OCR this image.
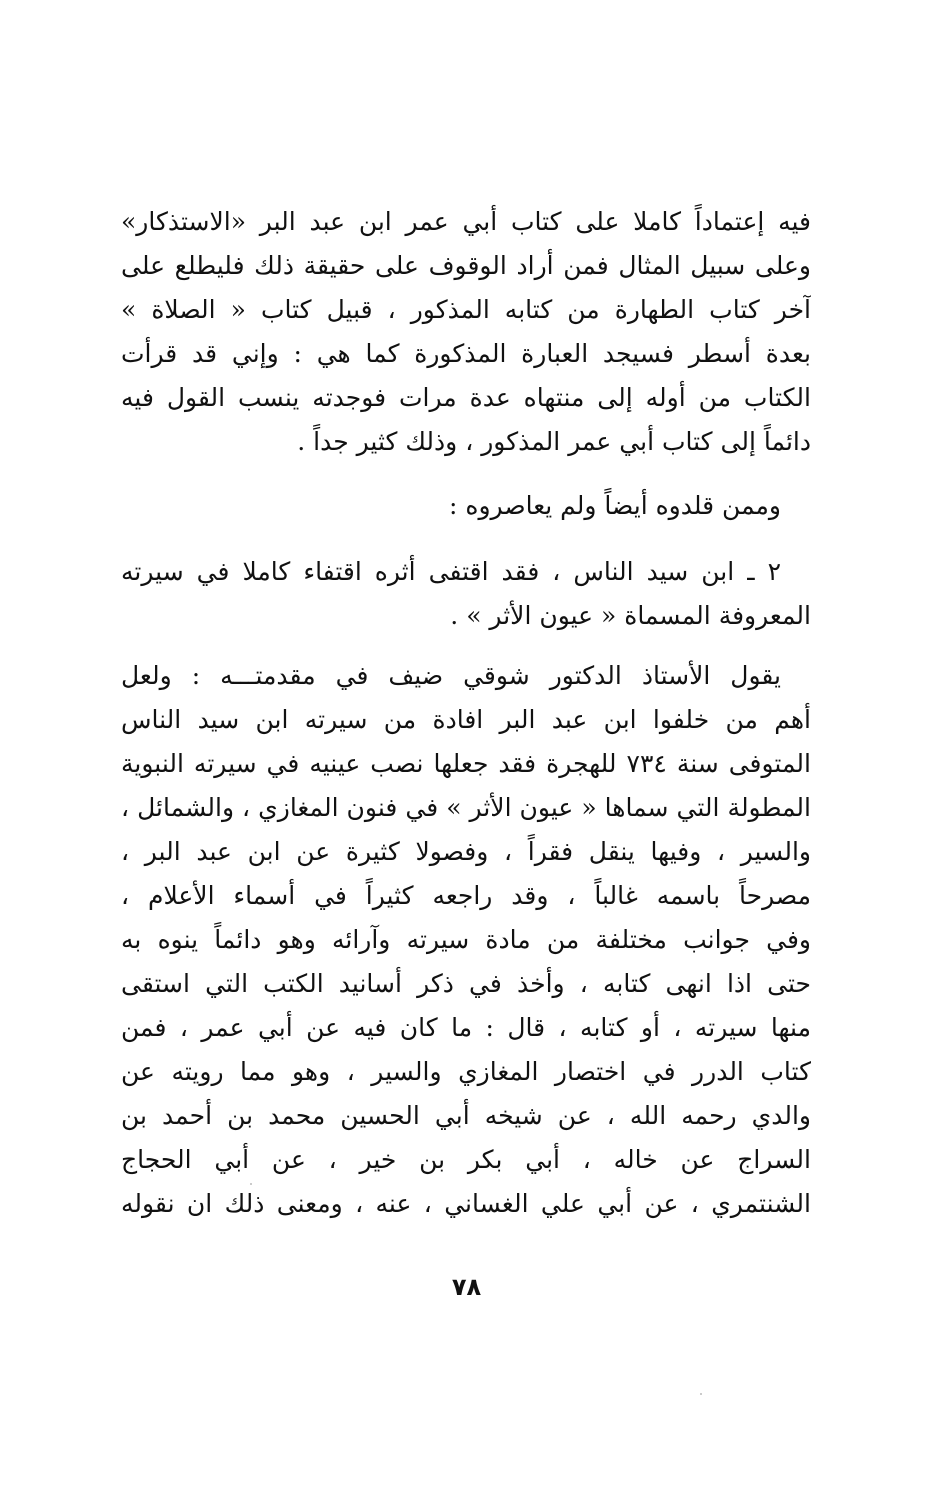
فيه إعتماداً كاملا على كتاب أبي عمر ابن عبد البر «الاستذكار»
وعلى سبيل المثال فمن أراد الوقوف على حقيقة ذلك فليطلع على
آخر كتاب الطهارة من كتابه المذكور ، قبيل كتاب « الصلاة »
بعدة أسطر فسيجد العبارة المذكورة كما هي : وإني قد قرأت
الكتاب من أوله إلى منتهاه عدة مرات فوجدته ينسب القول فيه
دائماً إلى كتاب أبي عمر المذكور ، وذلك كثير جداً .
وممن قلدوه أيضاً ولم يعاصروه :
٢ ـ ابن سيد الناس ، فقد اقتفى أثره اقتفاء كاملا في سيرته
المعروفة المسماة « عيون الأثر » .
يقول الأستاذ الدكتور شوقي ضيف في مقدمتـــه : ولعل
أهم من خلفوا ابن عبد البر افادة من سيرته ابن سيد الناس
المتوفى سنة ٧٣٤ للهجرة فقد جعلها نصب عينيه في سيرته النبوية
المطولة التي سماها « عيون الأثر » في فنون المغازي ، والشمائل ،
والسير ، وفيها ينقل فقراً ، وفصولا كثيرة عن ابن عبد البر ،
مصرحاً باسمه غالباً ، وقد راجعه كثيراً في أسماء الأعلام ،
وفي جوانب مختلفة من مادة سيرته وآرائه وهو دائماً ينوه به
حتى اذا انهى كتابه ، وأخذ في ذكر أسانيد الكتب التي استقى
منها سيرته ، أو كتابه ، قال : ما كان فيه عن أبي عمر ، فمن
كتاب الدرر في اختصار المغازي والسير ، وهو مما رويته عن
والدي رحمه الله ، عن شيخه أبي الحسين محمد بن أحمد بن
السراج عن خاله ، أبي بكر بن خير ، عن أبي الحجاج
الشنتمري ، عن أبي علي الغساني ، عنه ، ومعنى ذلك ان نقوله
٧٨
